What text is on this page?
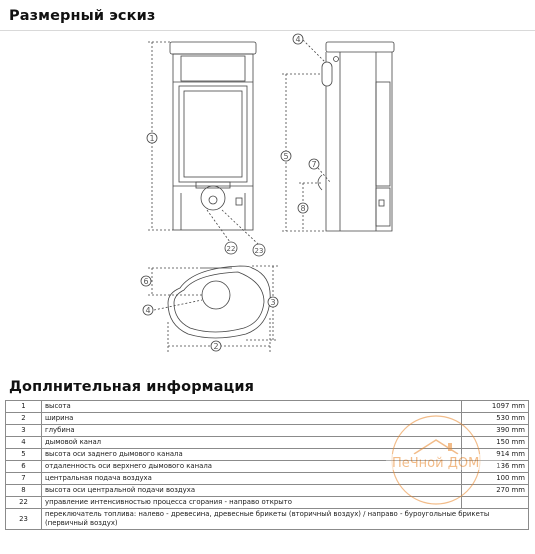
Размерный эскиз
1
22	23
4
5
7
8
2
3
4
6
Доплнительная информация
1	высота	1097 mm
2	ширина	530 mm
3	глубина	390 mm
4	дымовой канал	150 mm
5	высота оси заднего дымового канала	914 mm
6	отдаленность оси верхнего дымового канала	136 mm
7	центральная подача воздуха	100 mm
8	высота оси центральной подачи воздуха	270 mm
22	управление интенсивностью процесса сгорания - направо открыто	
23	переключатель топлива: налево - древесина, древесные брикеты (вторичный воздух) / направо - буроугольные брикеты (первичный воздух)	
ПеЧной ДОМ
